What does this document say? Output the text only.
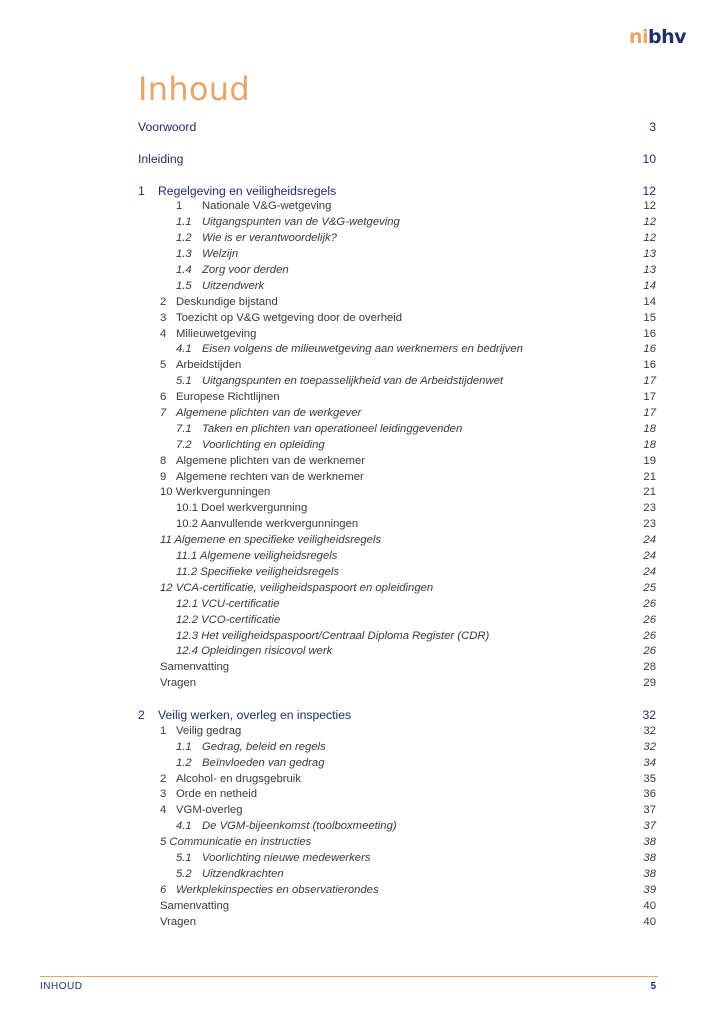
nibhv
Inhoud
Voorwoord	3
Inleiding	10
1 Regelgeving en veiligheidsregels	12
1 Nationale V&G-wetgeving	12
1.1 Uitgangspunten van de V&G-wetgeving	12
1.2 Wie is er verantwoordelijk?	12
1.3 Welzijn	13
1.4 Zorg voor derden	13
1.5 Uitzendwerk	14
2 Deskundige bijstand	14
3 Toezicht op V&G wetgeving door de overheid	15
4 Milieuwetgeving	16
4.1 Eisen volgens de milieuwetgeving aan werknemers en bedrijven	16
5 Arbeidstijden	16
5.1 Uitgangspunten en toepasselijkheid van de Arbeidstijdenwet	17
6 Europese Richtlijnen	17
7 Algemene plichten van de werkgever	17
7.1 Taken en plichten van operationeel leidinggevenden	18
7.2 Voorlichting en opleiding	18
8 Algemene plichten van de werknemer	19
9 Algemene rechten van de werknemer	21
10 Werkvergunningen	21
10.1 Doel werkvergunning	23
10.2 Aanvullende werkvergunningen	23
11 Algemene en specifieke veiligheidsregels	24
11.1 Algemene veiligheidsregels	24
11.2 Specifieke veiligheidsregels	24
12 VCA-certificatie, veiligheidspaspoort en opleidingen	25
12.1 VCU-certificatie	26
12.2 VCO-certificatie	26
12.3 Het veiligheidspaspoort/Centraal Diploma Register (CDR)	26
12.4 Opleidingen risicovol werk	26
Samenvatting	28
Vragen	29
2 Veilig werken, overleg en inspecties	32
1 Veilig gedrag	32
1.1 Gedrag, beleid en regels	32
1.2 Beïnvloeden van gedrag	34
2 Alcohol- en drugsgebruik	35
3 Orde en netheid	36
4 VGM-overleg	37
4.1 De VGM-bijeenkomst (toolboxmeeting)	37
5 Communicatie en instructies	38
5.1 Voorlichting nieuwe medewerkers	38
5.2 Uitzendkrachten	38
6 Werkplekinspecties en observatierondes	39
Samenvatting	40
Vragen	40
INHOUD	5
